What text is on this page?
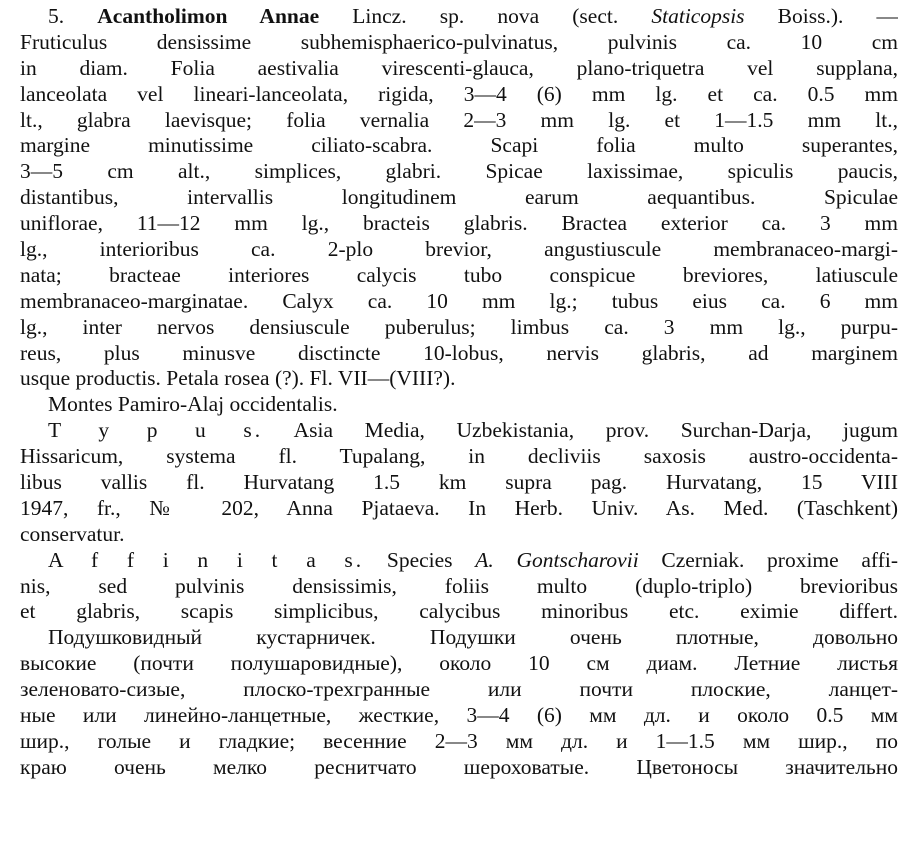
5. Acantholimon Annae Lincz. sp. nova (sect. Staticopsis Boiss.). —
Fruticulus densissime subhemisphaerico-pulvinatus, pulvinis ca. 10 cm
in diam. Folia aestivalia virescenti-glauca, plano-triquetra vel supplana,
lanceolata vel lineari-lanceolata, rigida, 3—4 (6) mm lg. et ca. 0.5 mm
lt., glabra laevisque; folia vernalia 2—3 mm lg. et 1—1.5 mm lt.,
margine minutissime ciliato-scabra. Scapi folia multo superantes,
3—5 cm alt., simplices, glabri. Spicae laxissimae, spiculis paucis,
distantibus, intervallis longitudinem earum aequantibus. Spiculae
uniflorae, 11—12 mm lg., bracteis glabris. Bractea exterior ca. 3 mm
lg., interioribus ca. 2-plo brevior, angustiuscule membranaceo-margi-
nata; bracteae interiores calycis tubo conspicue breviores, latiuscule
membranaceo-marginatae. Calyx ca. 10 mm lg.; tubus eius ca. 6 mm
lg., inter nervos densiuscule puberulus; limbus ca. 3 mm lg., purpu-
reus, plus minusve disctincte 10-lobus, nervis glabris, ad marginem
usque productis. Petala rosea (?). Fl. VII—(VIII?).
Montes Pamiro-Alaj occidentalis.
T y p u s. Asia Media, Uzbekistania, prov. Surchan-Darja, jugum
Hissaricum, systema fl. Tupalang, in decliviis saxosis austro-occidenta-
libus vallis fl. Hurvatang 1.5 km supra pag. Hurvatang, 15 VIII
1947, fr., № 202, Anna Pjataeva. In Herb. Univ. As. Med. (Taschkent)
conservatur.
A f f i n i t a s. Species A. Gontscharovii Czerniak. proxime affi-
nis, sed pulvinis densissimis, foliis multo (duplo-triplo) brevioribus
et glabris, scapis simplicibus, calycibus minoribus etc. eximie differt.
Подушковидный кустарничек. Подушки очень плотные, довольно
высокие (почти полушаровидные), около 10 см диам. Летние листья
зеленовато-сизые, плоско-трехгранные или почти плоские, ланцет-
ные или линейно-ланцетные, жесткие, 3—4 (6) мм дл. и около 0.5 мм
шир., голые и гладкие; весенние 2—3 мм дл. и 1—1.5 мм шир., по
краю очень мелко реснитчато шероховатые. Цветоносы значительно
